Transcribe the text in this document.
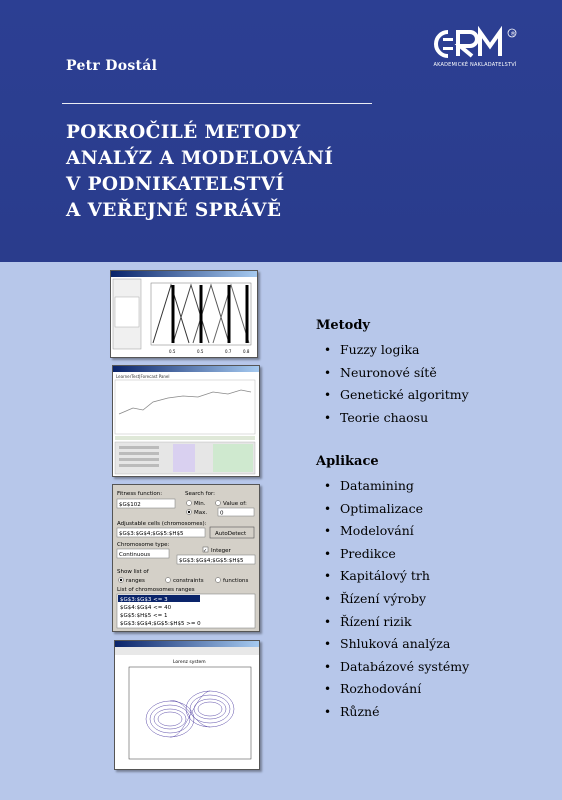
Petr Dostál
POKROČILÉ METODY
ANALÝZ A MODELOVÁNÍ
V PODNIKATELSTVÍ
A VEŘEJNÉ SPRÁVĚ
®
AKADEMICKÉ NAKLADATELSTVÍ
0.5	0.5	0.7	0.8
LearnerTest|Forecast Panel
Fitness function:
$G$102
Search for:
Min.	Value of:
Max. 0
Adjustable cells (chromosomes):
$G$3:$G$4;$G$5:$H$5	AutoDetect
Chromosome type:
Continuous
✓ Integer
$G$3:$G$4;$G$5:$H$5
Show list of
ranges	constraints	functions
List of chromosomes ranges
$G$3:$G$3 <= 3
$G$4:$G$4 <= 40
$G$5:$H$5 <= 1
$G$3:$G$4;$G$5:$H$5 >= 0
Lorenz system
Metody
• Fuzzy logika
• Neuronové sítě
• Genetické algoritmy
• Teorie chaosu
Aplikace
• Datamining
• Optimalizace
• Modelování
• Predikce
• Kapitálový trh
• Řízení výroby
• Řízení rizik
• Shluková analýza
• Databázové systémy
• Rozhodování
• Různé
